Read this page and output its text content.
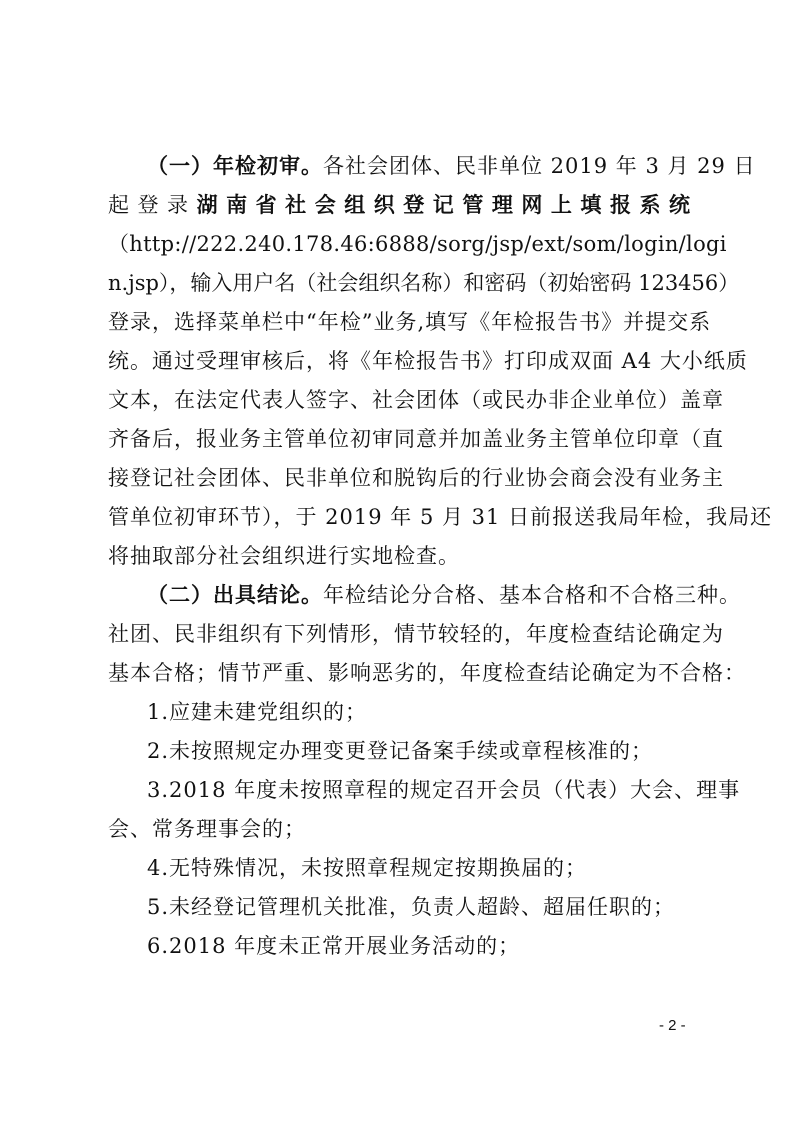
（一）年检初审。各社会团体、民非单位 2019 年 3 月 29 日
起登录湖南省社会组织登记管理网上填报系统
（http://222.240.178.46:6888/sorg/jsp/ext/som/login/logi
n.jsp），输入用户名（社会组织名称）和密码（初始密码 123456）
登录，选择菜单栏中“年检”业务,填写《年检报告书》并提交系
统。通过受理审核后，将《年检报告书》打印成双面 A4 大小纸质
文本，在法定代表人签字、社会团体（或民办非企业单位）盖章
齐备后，报业务主管单位初审同意并加盖业务主管单位印章（直
接登记社会团体、民非单位和脱钩后的行业协会商会没有业务主
管单位初审环节），于 2019 年 5 月 31 日前报送我局年检，我局还
将抽取部分社会组织进行实地检查。
（二）出具结论。年检结论分合格、基本合格和不合格三种。
社团、民非组织有下列情形，情节较轻的，年度检查结论确定为
基本合格；情节严重、影响恶劣的，年度检查结论确定为不合格：
1.应建未建党组织的；
2.未按照规定办理变更登记备案手续或章程核准的；
3.2018 年度未按照章程的规定召开会员（代表）大会、理事
会、常务理事会的；
4.无特殊情况，未按照章程规定按期换届的；
5.未经登记管理机关批准，负责人超龄、超届任职的；
6.2018 年度未正常开展业务活动的；
- 2 -
